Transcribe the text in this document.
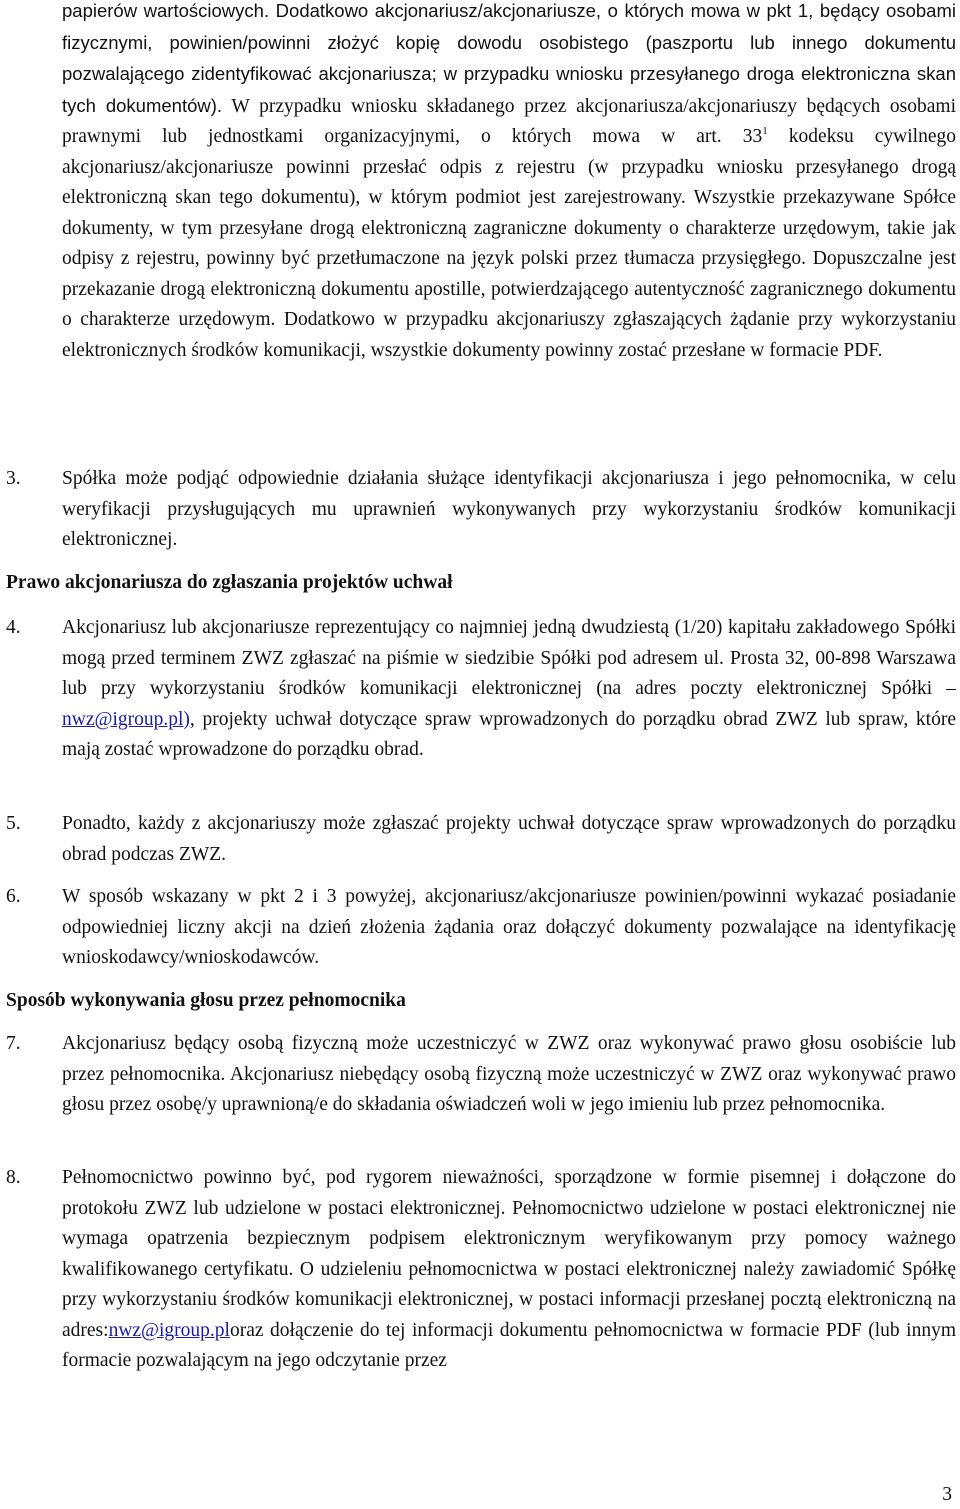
papierów wartościowych. Dodatkowo akcjonariusz/akcjonariusze, o których mowa w pkt 1, będący osobami fizycznymi, powinien/powinni złożyć kopię dowodu osobistego (paszportu lub innego dokumentu pozwalającego zidentyfikować akcjonariusza; w przypadku wniosku przesyłanego droga elektroniczna skan tych dokumentów). W przypadku wniosku składanego przez akcjonariusza/akcjonariuszy będących osobami prawnymi lub jednostkami organizacyjnymi, o których mowa w art. $33^1$ kodeksu cywilnego akcjonariusz/akcjonariusze powinni przesłać odpis z rejestru (w przypadku wniosku przesyłanego drogą elektroniczną skan tego dokumentu), w którym podmiot jest zarejestrowany. Wszystkie przekazywane Spółce dokumenty, w tym przesyłane drogą elektroniczną zagraniczne dokumenty o charakterze urzędowym, takie jak odpisy z rejestru, powinny być przetłumaczone na język polski przez tłumacza przysięgłego. Dopuszczalne jest przekazanie drogą elektroniczną dokumentu apostille, potwierdzającego autentyczność zagranicznego dokumentu o charakterze urzędowym. Dodatkowo w przypadku akcjonariuszy zgłaszających żądanie przy wykorzystaniu elektronicznych środków komunikacji, wszystkie dokumenty powinny zostać przesłane w formacie PDF.
3. Spółka może podjąć odpowiednie działania służące identyfikacji akcjonariusza i jego pełnomocnika, w celu weryfikacji przysługujących mu uprawnień wykonywanych przy wykorzystaniu środków komunikacji elektronicznej.
Prawo akcjonariusza do zgłaszania projektów uchwał
4. Akcjonariusz lub akcjonariusze reprezentujący co najmniej jedną dwudziestą (1/20) kapitału zakładowego Spółki mogą przed terminem ZWZ zgłaszać na piśmie w siedzibie Spółki pod adresem ul. Prosta 32, 00-898 Warszawa lub przy wykorzystaniu środków komunikacji elektronicznej (na adres poczty elektronicznej Spółki – nwz@igroup.pl), projekty uchwał dotyczące spraw wprowadzonych do porządku obrad ZWZ lub spraw, które mają zostać wprowadzone do porządku obrad.
5. Ponadto, każdy z akcjonariuszy może zgłaszać projekty uchwał dotyczące spraw wprowadzonych do porządku obrad podczas ZWZ.
6. W sposób wskazany w pkt 2 i 3 powyżej, akcjonariusz/akcjonariusze powinien/powinni wykazać posiadanie odpowiedniej liczny akcji na dzień złożenia żądania oraz dołączyć dokumenty pozwalające na identyfikację wnioskodawcy/wnioskodawców.
Sposób wykonywania głosu przez pełnomocnika
7. Akcjonariusz będący osobą fizyczną może uczestniczyć w ZWZ oraz wykonywać prawo głosu osobiście lub przez pełnomocnika. Akcjonariusz niebędący osobą fizyczną może uczestniczyć w ZWZ oraz wykonywać prawo głosu przez osobę/y uprawnioną/e do składania oświadczeń woli w jego imieniu lub przez pełnomocnika.
8. Pełnomocnictwo powinno być, pod rygorem nieważności, sporządzone w formie pisemnej i dołączone do protokołu ZWZ lub udzielone w postaci elektronicznej. Pełnomocnictwo udzielone w postaci elektronicznej nie wymaga opatrzenia bezpiecznym podpisem elektronicznym weryfikowanym przy pomocy ważnego kwalifikowanego certyfikatu. O udzieleniu pełnomocnictwa w postaci elektronicznej należy zawiadomić Spółkę przy wykorzystaniu środków komunikacji elektronicznej, w postaci informacji przesłanej pocztą elektroniczną na adres:nwz@igroup.ploraz dołączenie do tej informacji dokumentu pełnomocnictwa w formacie PDF (lub innym formacie pozwalającym na jego odczytanie przez
3
